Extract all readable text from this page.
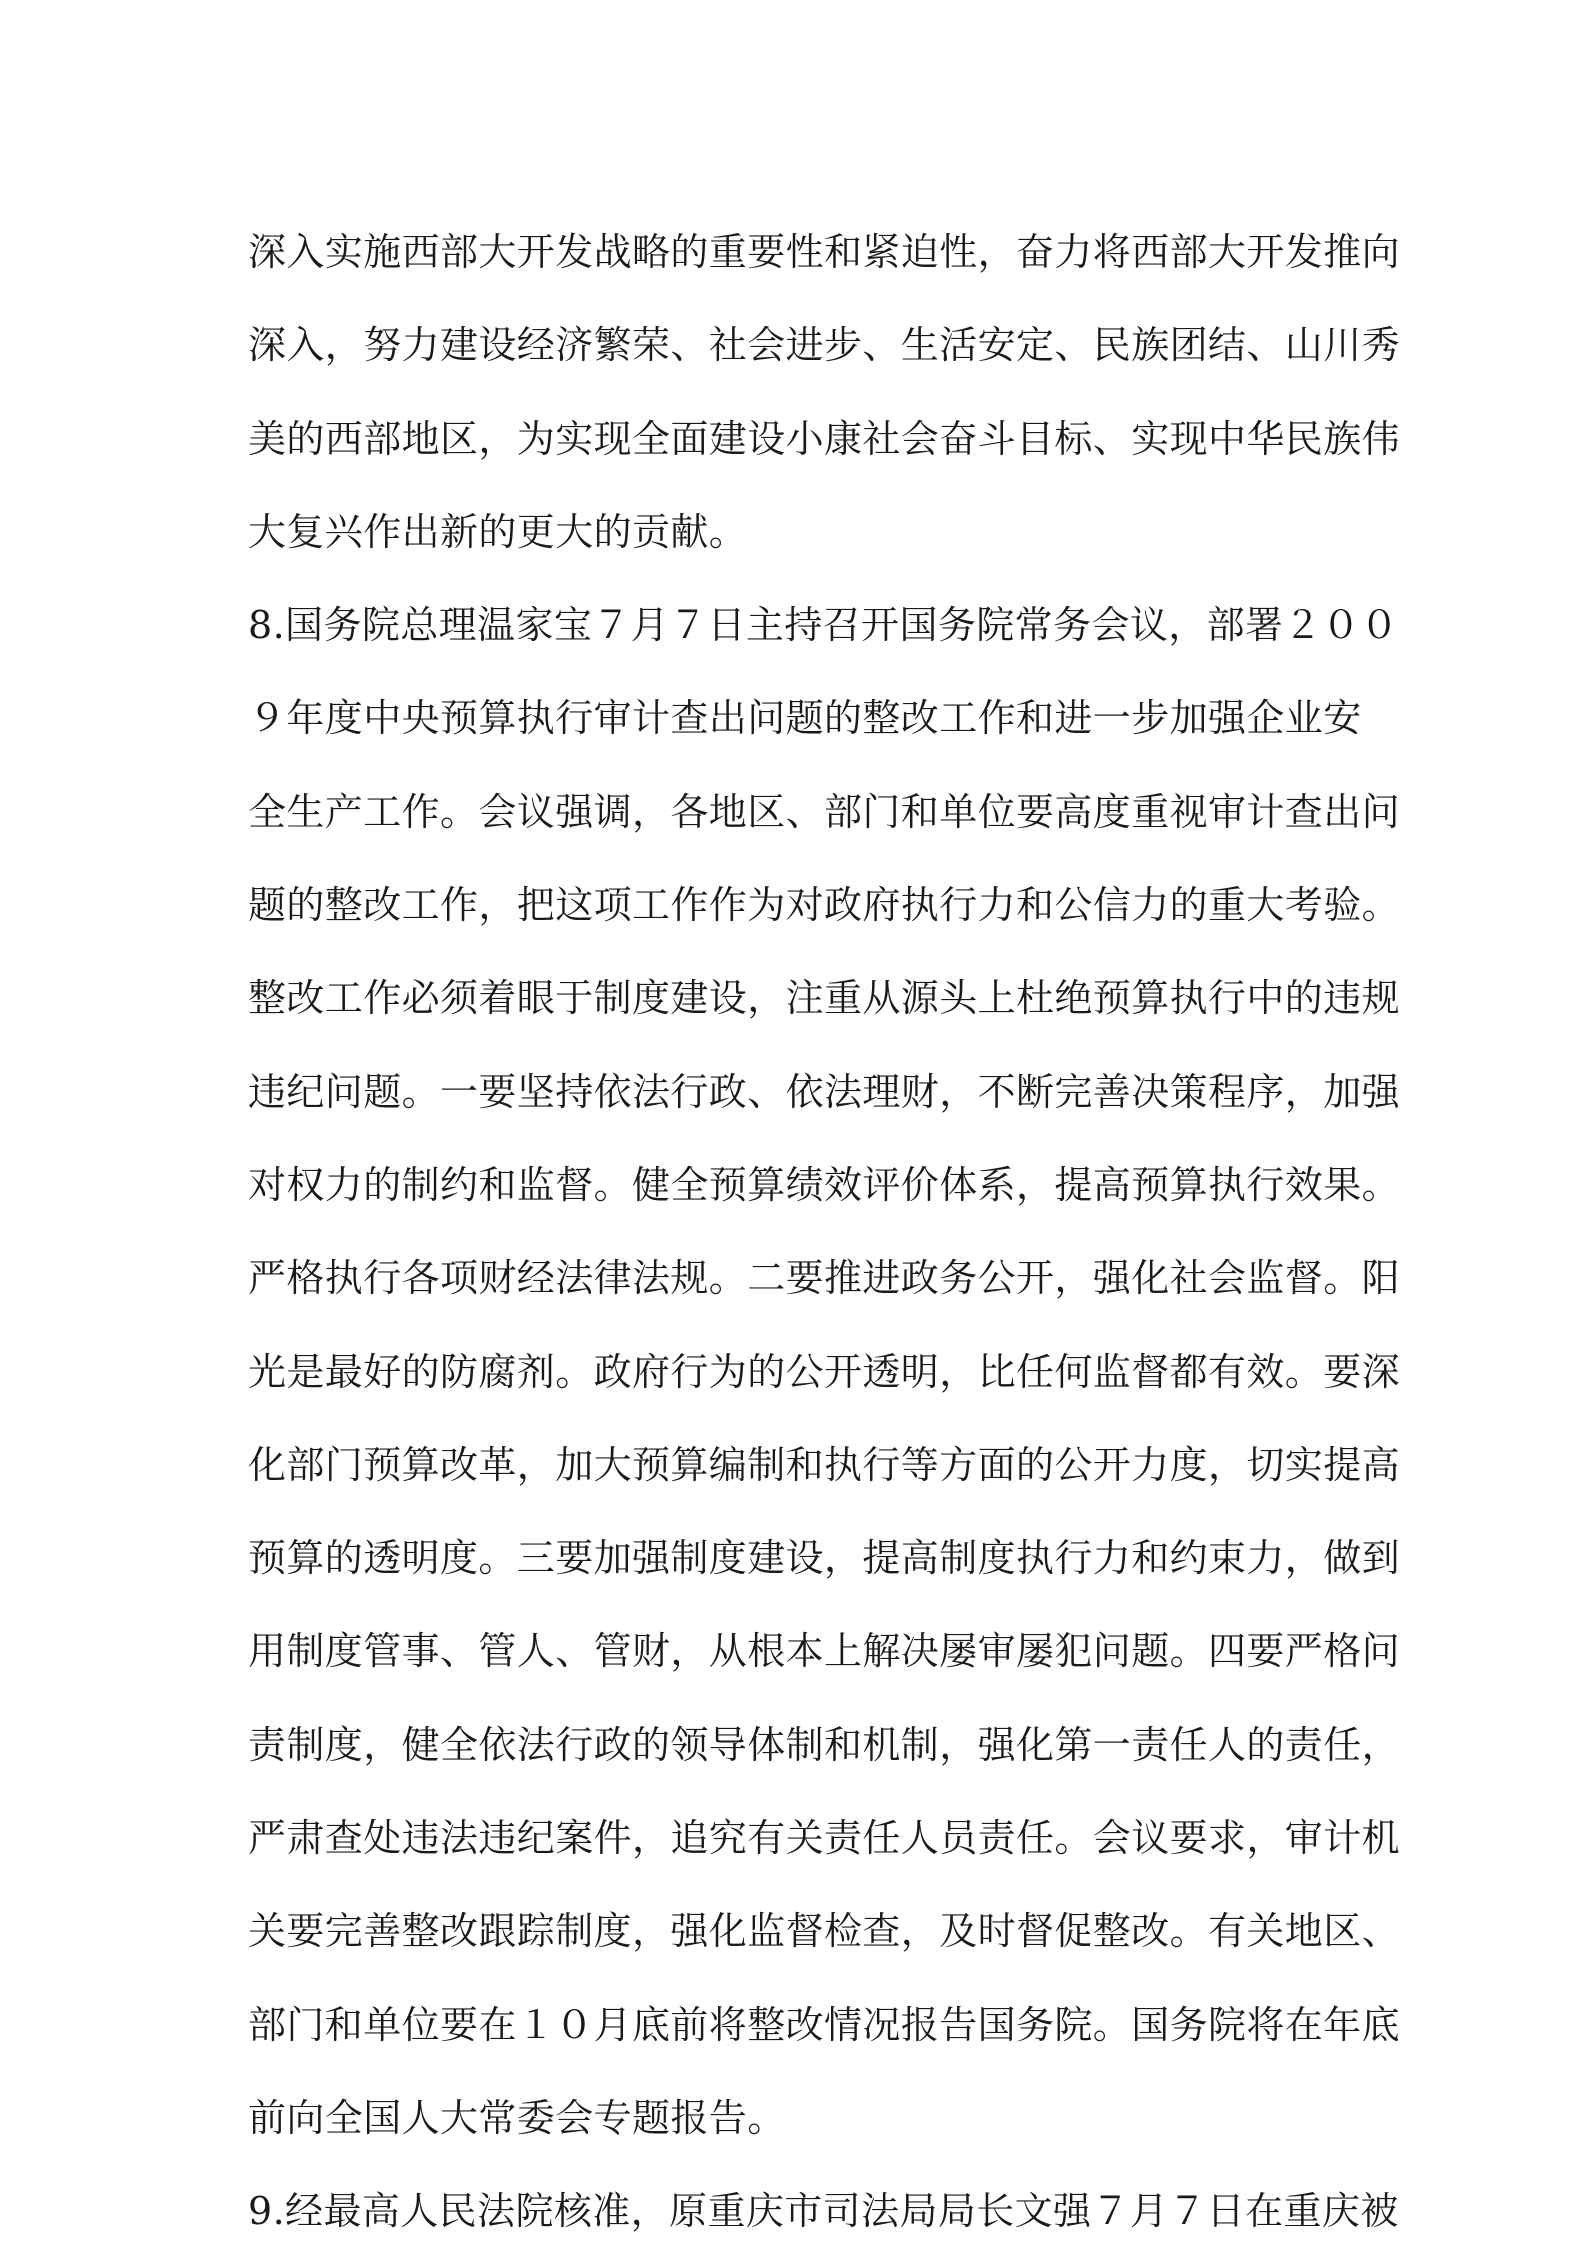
深入实施西部大开发战略的重要性和紧迫性，奋力将西部大开发推向
深入，努力建设经济繁荣、社会进步、生活安定、民族团结、山川秀
美的西部地区，为实现全面建设小康社会奋斗目标、实现中华民族伟
大复兴作出新的更大的贡献。
8.国务院总理温家宝７月７日主持召开国务院常务会议，部署２００
９年度中央预算执行审计查出问题的整改工作和进一步加强企业安
全生产工作。会议强调，各地区、部门和单位要高度重视审计查出问
题的整改工作，把这项工作作为对政府执行力和公信力的重大考验。
整改工作必须着眼于制度建设，注重从源头上杜绝预算执行中的违规
违纪问题。一要坚持依法行政、依法理财，不断完善决策程序，加强
对权力的制约和监督。健全预算绩效评价体系，提高预算执行效果。
严格执行各项财经法律法规。二要推进政务公开，强化社会监督。阳
光是最好的防腐剂。政府行为的公开透明，比任何监督都有效。要深
化部门预算改革，加大预算编制和执行等方面的公开力度，切实提高
预算的透明度。三要加强制度建设，提高制度执行力和约束力，做到
用制度管事、管人、管财，从根本上解决屡审屡犯问题。四要严格问
责制度，健全依法行政的领导体制和机制，强化第一责任人的责任，
严肃查处违法违纪案件，追究有关责任人员责任。会议要求，审计机
关要完善整改跟踪制度，强化监督检查，及时督促整改。有关地区、
部门和单位要在１０月底前将整改情况报告国务院。国务院将在年底
前向全国人大常委会专题报告。
9.经最高人民法院核准，原重庆市司法局局长文强７月７日在重庆被
